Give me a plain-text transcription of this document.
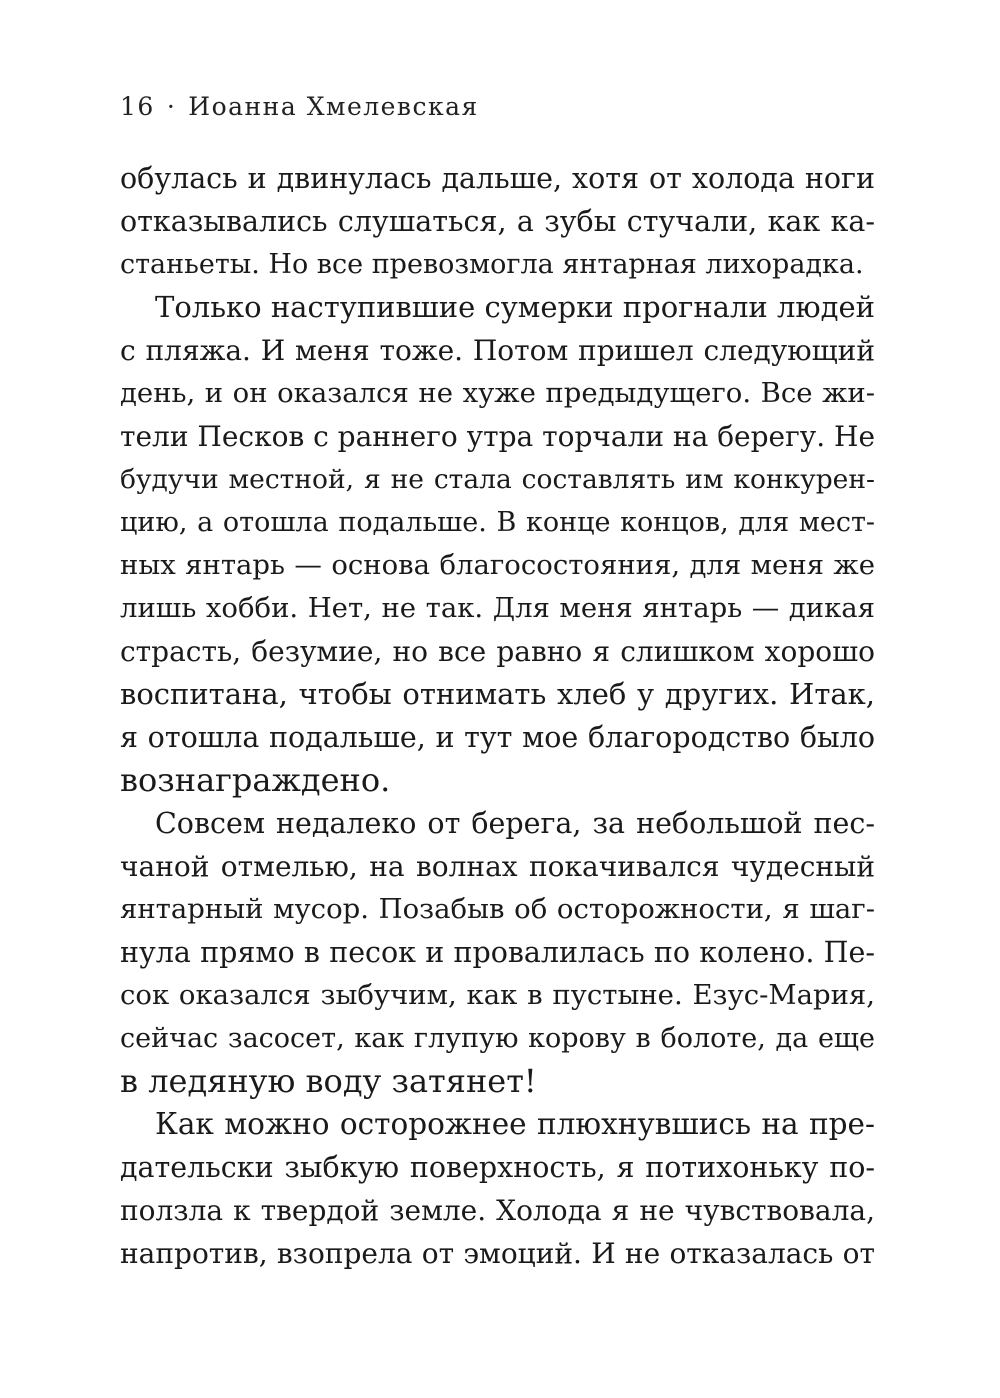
16 · Иоанна Хмелевская
обулась и двинулась дальше, хотя от холода ноги
отказывались слушаться, а зубы стучали, как ка-
станьеты. Но все превозмогла янтарная лихорадка.
Только наступившие сумерки прогнали людей
с пляжа. И меня тоже. Потом пришел следующий
день, и он оказался не хуже предыдущего. Все жи-
тели Песков с раннего утра торчали на берегу. Не
будучи местной, я не стала составлять им конкурен-
цию, а отошла подальше. В конце концов, для мест-
ных янтарь — основа благосостояния, для меня же
лишь хобби. Нет, не так. Для меня янтарь — дикая
страсть, безумие, но все равно я слишком хорошо
воспитана, чтобы отнимать хлеб у других. Итак,
я отошла подальше, и тут мое благородство было
вознаграждено.
Совсем недалеко от берега, за небольшой пес-
чаной отмелью, на волнах покачивался чудесный
янтарный мусор. Позабыв об осторожности, я шаг-
нула прямо в песок и провалилась по колено. Пе-
сок оказался зыбучим, как в пустыне. Езус-Мария,
сейчас засосет, как глупую корову в болоте, да еще
в ледяную воду затянет!
Как можно осторожнее плюхнувшись на пре-
дательски зыбкую поверхность, я потихоньку по-
ползла к твердой земле. Холода я не чувствовала,
напротив, взопрела от эмоций. И не отказалась от
